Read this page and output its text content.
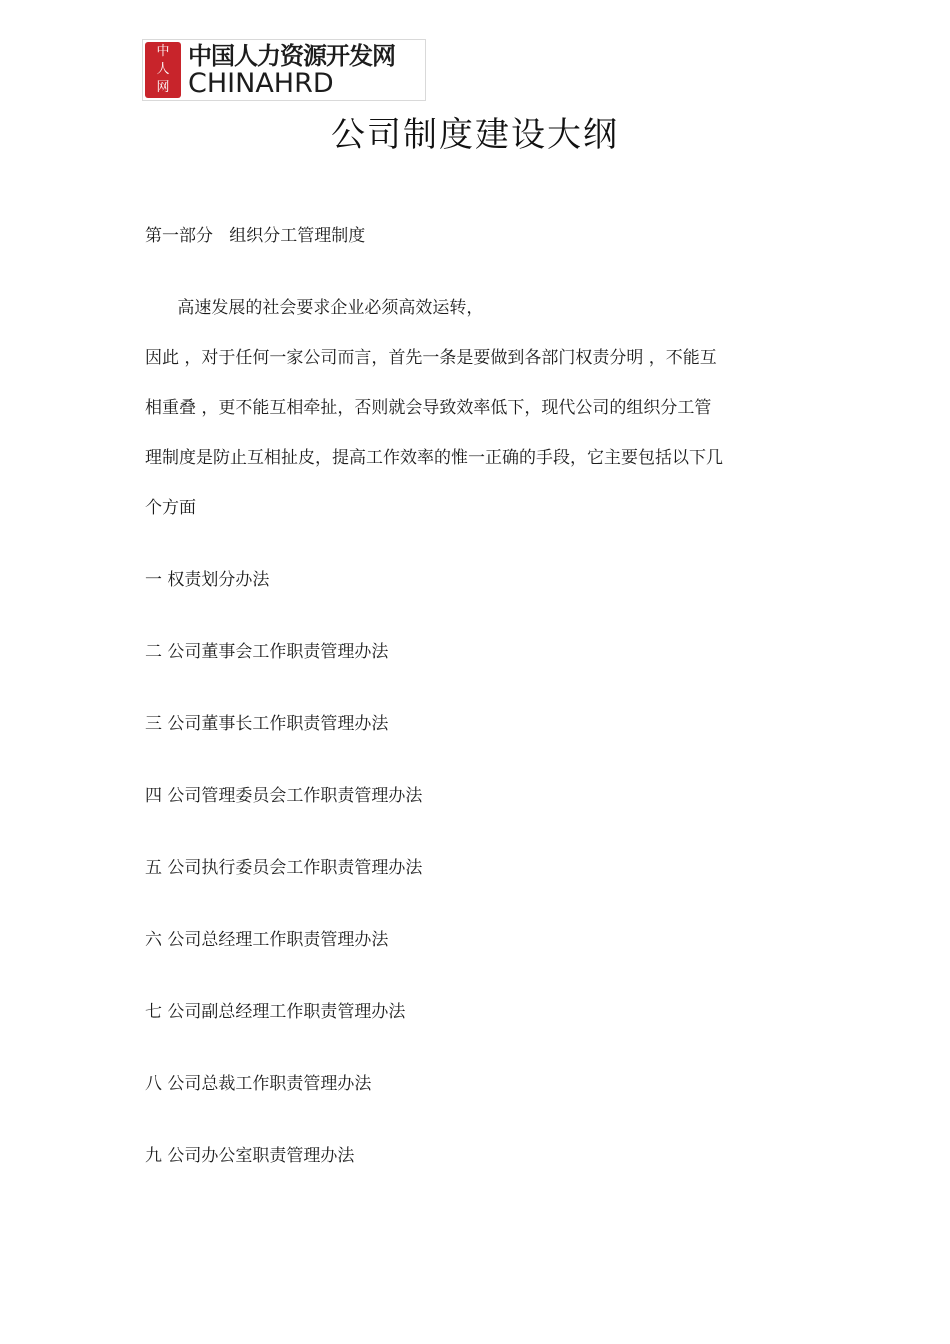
中
人
网
中国人力资源开发网
CHINAHRD
公司制度建设大纲
第一部分   组织分工管理制度
高速发展的社会要求企业必须高效运转，
因此 ，对于任何一家公司而言，首先一条是要做到各部门权责分明 ，不能互
相重叠 ，更不能互相牵扯，否则就会导致效率低下，现代公司的组织分工管
理制度是防止互相扯皮，提高工作效率的惟一正确的手段，它主要包括以下几
个方面
一 权责划分办法
二 公司董事会工作职责管理办法
三 公司董事长工作职责管理办法
四 公司管理委员会工作职责管理办法
五 公司执行委员会工作职责管理办法
六 公司总经理工作职责管理办法
七 公司副总经理工作职责管理办法
八 公司总裁工作职责管理办法
九 公司办公室职责管理办法
